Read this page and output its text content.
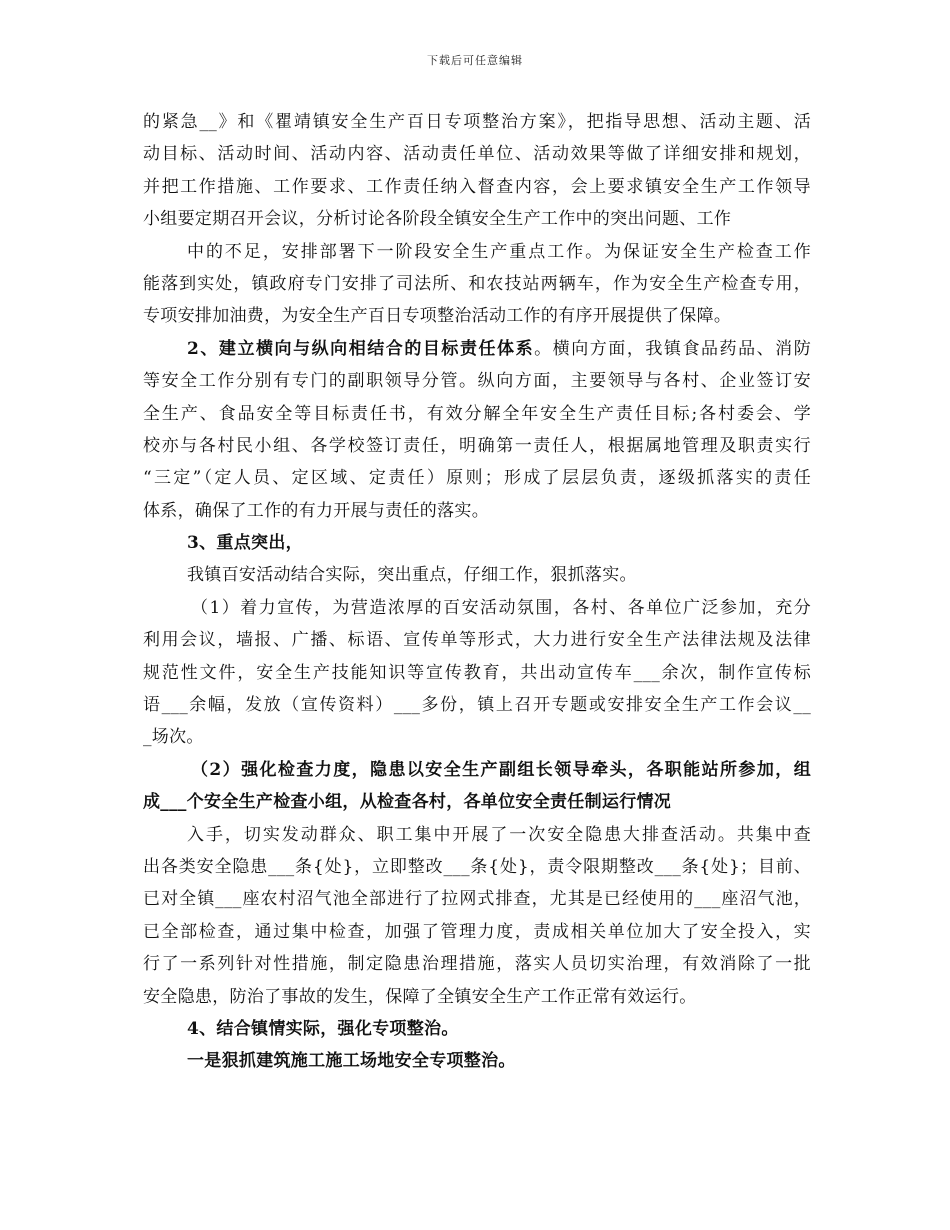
下载后可任意编辑
的紧急__》和《瞿靖镇安全生产百日专项整治方案》，把指导思想、活动主题、活
动目标、活动时间、活动内容、活动责任单位、活动效果等做了详细安排和规划，
并把工作措施、工作要求、工作责任纳入督查内容，会上要求镇安全生产工作领导
小组要定期召开会议，分析讨论各阶段全镇安全生产工作中的突出问题、工作
中的不足，安排部署下一阶段安全生产重点工作。为保证安全生产检查工作
能落到实处，镇政府专门安排了司法所、和农技站两辆车，作为安全生产检查专用，
专项安排加油费，为安全生产百日专项整治活动工作的有序开展提供了保障。
2、建立横向与纵向相结合的目标责任体系。横向方面，我镇食品药品、消防
等安全工作分别有专门的副职领导分管。纵向方面，主要领导与各村、企业签订安
全生产、食品安全等目标责任书，有效分解全年安全生产责任目标;各村委会、学
校亦与各村民小组、各学校签订责任，明确第一责任人，根据属地管理及职责实行
“三定”（定人员、定区域、定责任）原则；形成了层层负责，逐级抓落实的责任
体系，确保了工作的有力开展与责任的落实。
3、重点突出，
我镇百安活动结合实际，突出重点，仔细工作，狠抓落实。
（1）着力宣传，为营造浓厚的百安活动氛围，各村、各单位广泛参加，充分
利用会议，墙报、广播、标语、宣传单等形式，大力进行安全生产法律法规及法律
规范性文件，安全生产技能知识等宣传教育，共出动宣传车___余次，制作宣传标
语___余幅，发放（宣传资料）___多份，镇上召开专题或安排安全生产工作会议__
_场次。
（2）强化检查力度，隐患以安全生产副组长领导牵头，各职能站所参加，组
成___个安全生产检查小组，从检查各村，各单位安全责任制运行情况
入手，切实发动群众、职工集中开展了一次安全隐患大排查活动。共集中查
出各类安全隐患___条{处}，立即整改___条{处}，责令限期整改___条{处}；目前、
已对全镇___座农村沼气池全部进行了拉网式排查，尤其是已经使用的___座沼气池，
已全部检查，通过集中检查，加强了管理力度，责成相关单位加大了安全投入，实
行了一系列针对性措施，制定隐患治理措施，落实人员切实治理，有效消除了一批
安全隐患，防治了事故的发生，保障了全镇安全生产工作正常有效运行。
4、结合镇情实际，强化专项整治。
一是狠抓建筑施工施工场地安全专项整治。
